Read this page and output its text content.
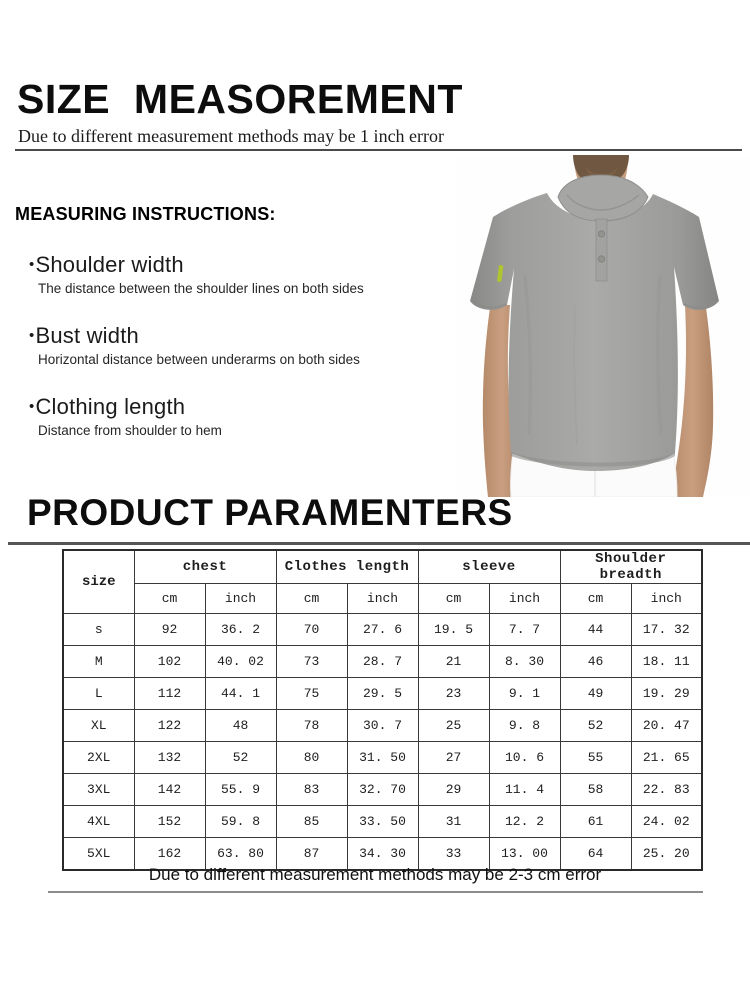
SIZE  MEASOREMENT
Due to different measurement methods may be 1 inch error
MEASURING INSTRUCTIONS:
•Shoulder width
The distance between the shoulder lines on both sides
•Bust width
Horizontal distance between underarms on both sides
•Clothing length
Distance from shoulder to hem
PRODUCT PARAMENTERS
size	chest		Clothes length		sleeve		Shoulder breadth	
	cm	inch	cm	inch	cm	inch	cm	inch
s	92	36. 2	70	27. 6	19. 5	7. 7	44	17. 32
M	102	40. 02	73	28. 7	21	8. 30	46	18. 11
L	112	44. 1	75	29. 5	23	9. 1	49	19. 29
XL	122	48	78	30. 7	25	9. 8	52	20. 47
2XL	132	52	80	31. 50	27	10. 6	55	21. 65
3XL	142	55. 9	83	32. 70	29	11. 4	58	22. 83
4XL	152	59. 8	85	33. 50	31	12. 2	61	24. 02
5XL	162	63. 80	87	34. 30	33	13. 00	64	25. 20
Due to different measurement methods may be 2-3 cm error
